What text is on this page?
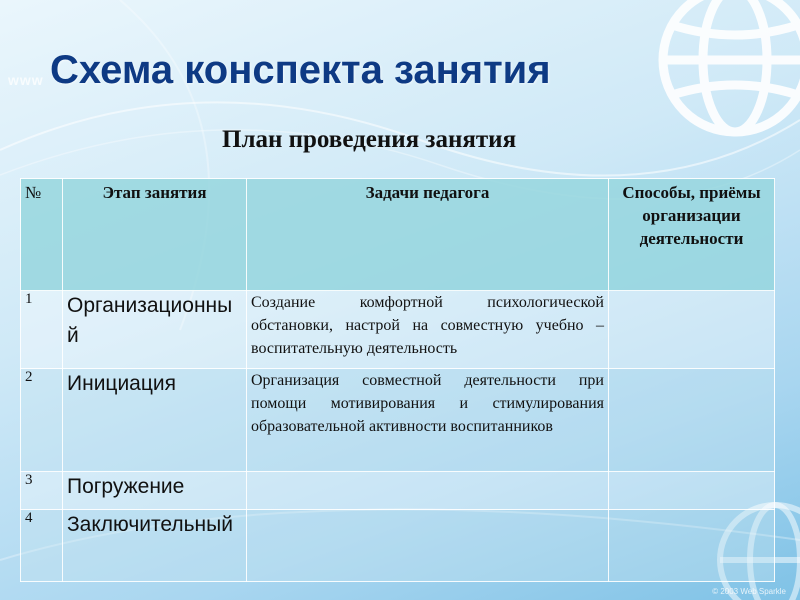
www Схема конспекта занятия
План проведения занятия
№	Этап занятия	Задачи педагога	Способы, приёмы организации деятельности
1	Организационный	Создание комфортной психологической обстановки, настрой на совместную учебно – воспитательную деятельность	
2	Инициация	Организация совместной деятельности при помощи мотивирования и стимулирования образовательной активности воспитанников	
3	Погружение		
4	Заключительный		
© 2003 Web Sparkle
